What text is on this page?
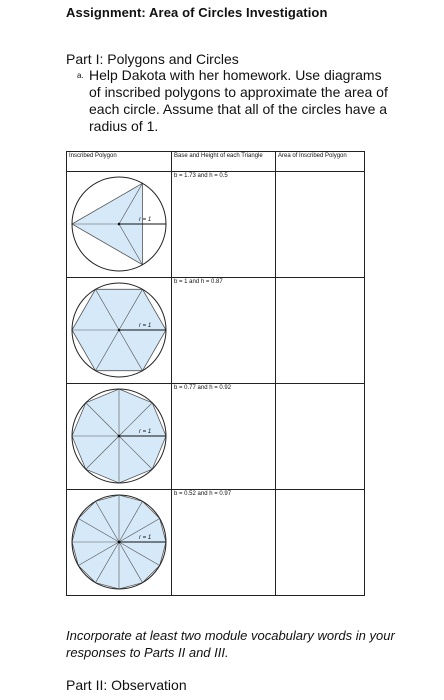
Assignment: Area of Circles Investigation
Part I: Polygons and Circles
a. Help Dakota with her homework. Use diagrams of inscribed polygons to approximate the area of each circle. Assume that all of the circles have a radius of 1.
Inscribed Polygon	Base and Height of each Triangle	Area of Inscribed Polygon

r = 1	b = 1.73 and h = 0.5	

r = 1	b = 1 and h = 0.87	

r = 1	b = 0.77 and h = 0.92	

r = 1	b = 0.52 and h = 0.97	
Incorporate at least two module vocabulary words in your responses to Parts II and III.
Part II: Observation
